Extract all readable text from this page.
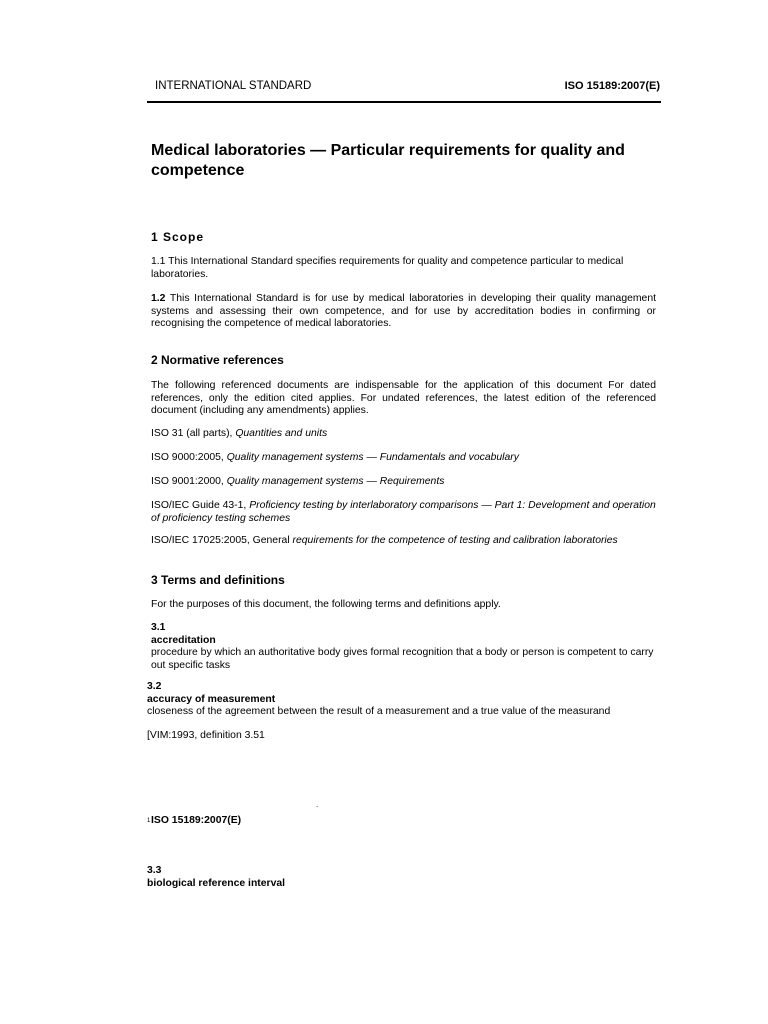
INTERNATIONAL STANDARD	ISO 15189:2007(E)
Medical laboratories — Particular requirements for quality and competence
1 Scope
1.1 This International Standard specifies requirements for quality and competence particular to medical laboratories.
1.2 This International Standard is for use by medical laboratories in developing their quality management systems and assessing their own competence, and for use by accreditation bodies in confirming or recognising the competence of medical laboratories.
2 Normative references
The following referenced documents are indispensable for the application of this document For dated references, only the edition cited applies. For undated references, the latest edition of the referenced document (including any amendments) applies.
ISO 31 (all parts), Quantities and units
ISO 9000:2005, Quality management systems — Fundamentals and vocabulary
ISO 9001:2000, Quality management systems — Requirements
ISO/IEC Guide 43-1, Proficiency testing by interlaboratory comparisons — Part 1: Development and operation of proficiency testing schemes
ISO/IEC 17025:2005, General requirements for the competence of testing and calibration laboratories
3 Terms and definitions
For the purposes of this document, the following terms and definitions apply.
3.1
accreditation
procedure by which an authoritative body gives formal recognition that a body or person is competent to carry out specific tasks
3.2
accuracy of measurement
closeness of the agreement between the result of a measurement and a true value of the measurand
[VIM:1993, definition 3.51
.
1 ISO 15189:2007(E)
3.3
biological reference interval
